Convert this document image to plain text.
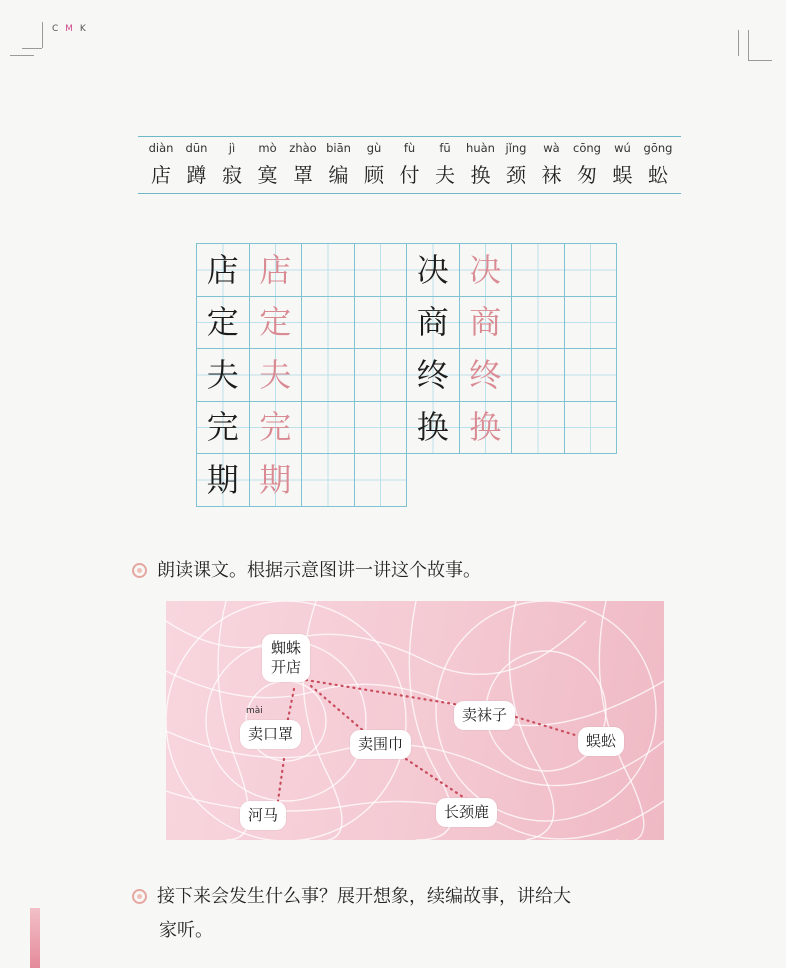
C M K
diàn
店
dūn
蹲
jì
寂
mò
寞
zhào
罩
biān
编
gù
顾
fù
付
fū
夫
huàn
换
jǐng
颈
wà
袜
cōng
匆
wú
蜈
gōng
蚣
店 店
定 定
夫 夫
完 完
期 期
决 决
商 商
终 终
换 换
朗读课文。根据示意图讲一讲这个故事。
蜘蛛
开店
mài
卖口罩
河马
卖围巾
长颈鹿
卖袜子
蜈蚣
接下来会发生什么事？展开想象，续编故事，讲给大
家听。
